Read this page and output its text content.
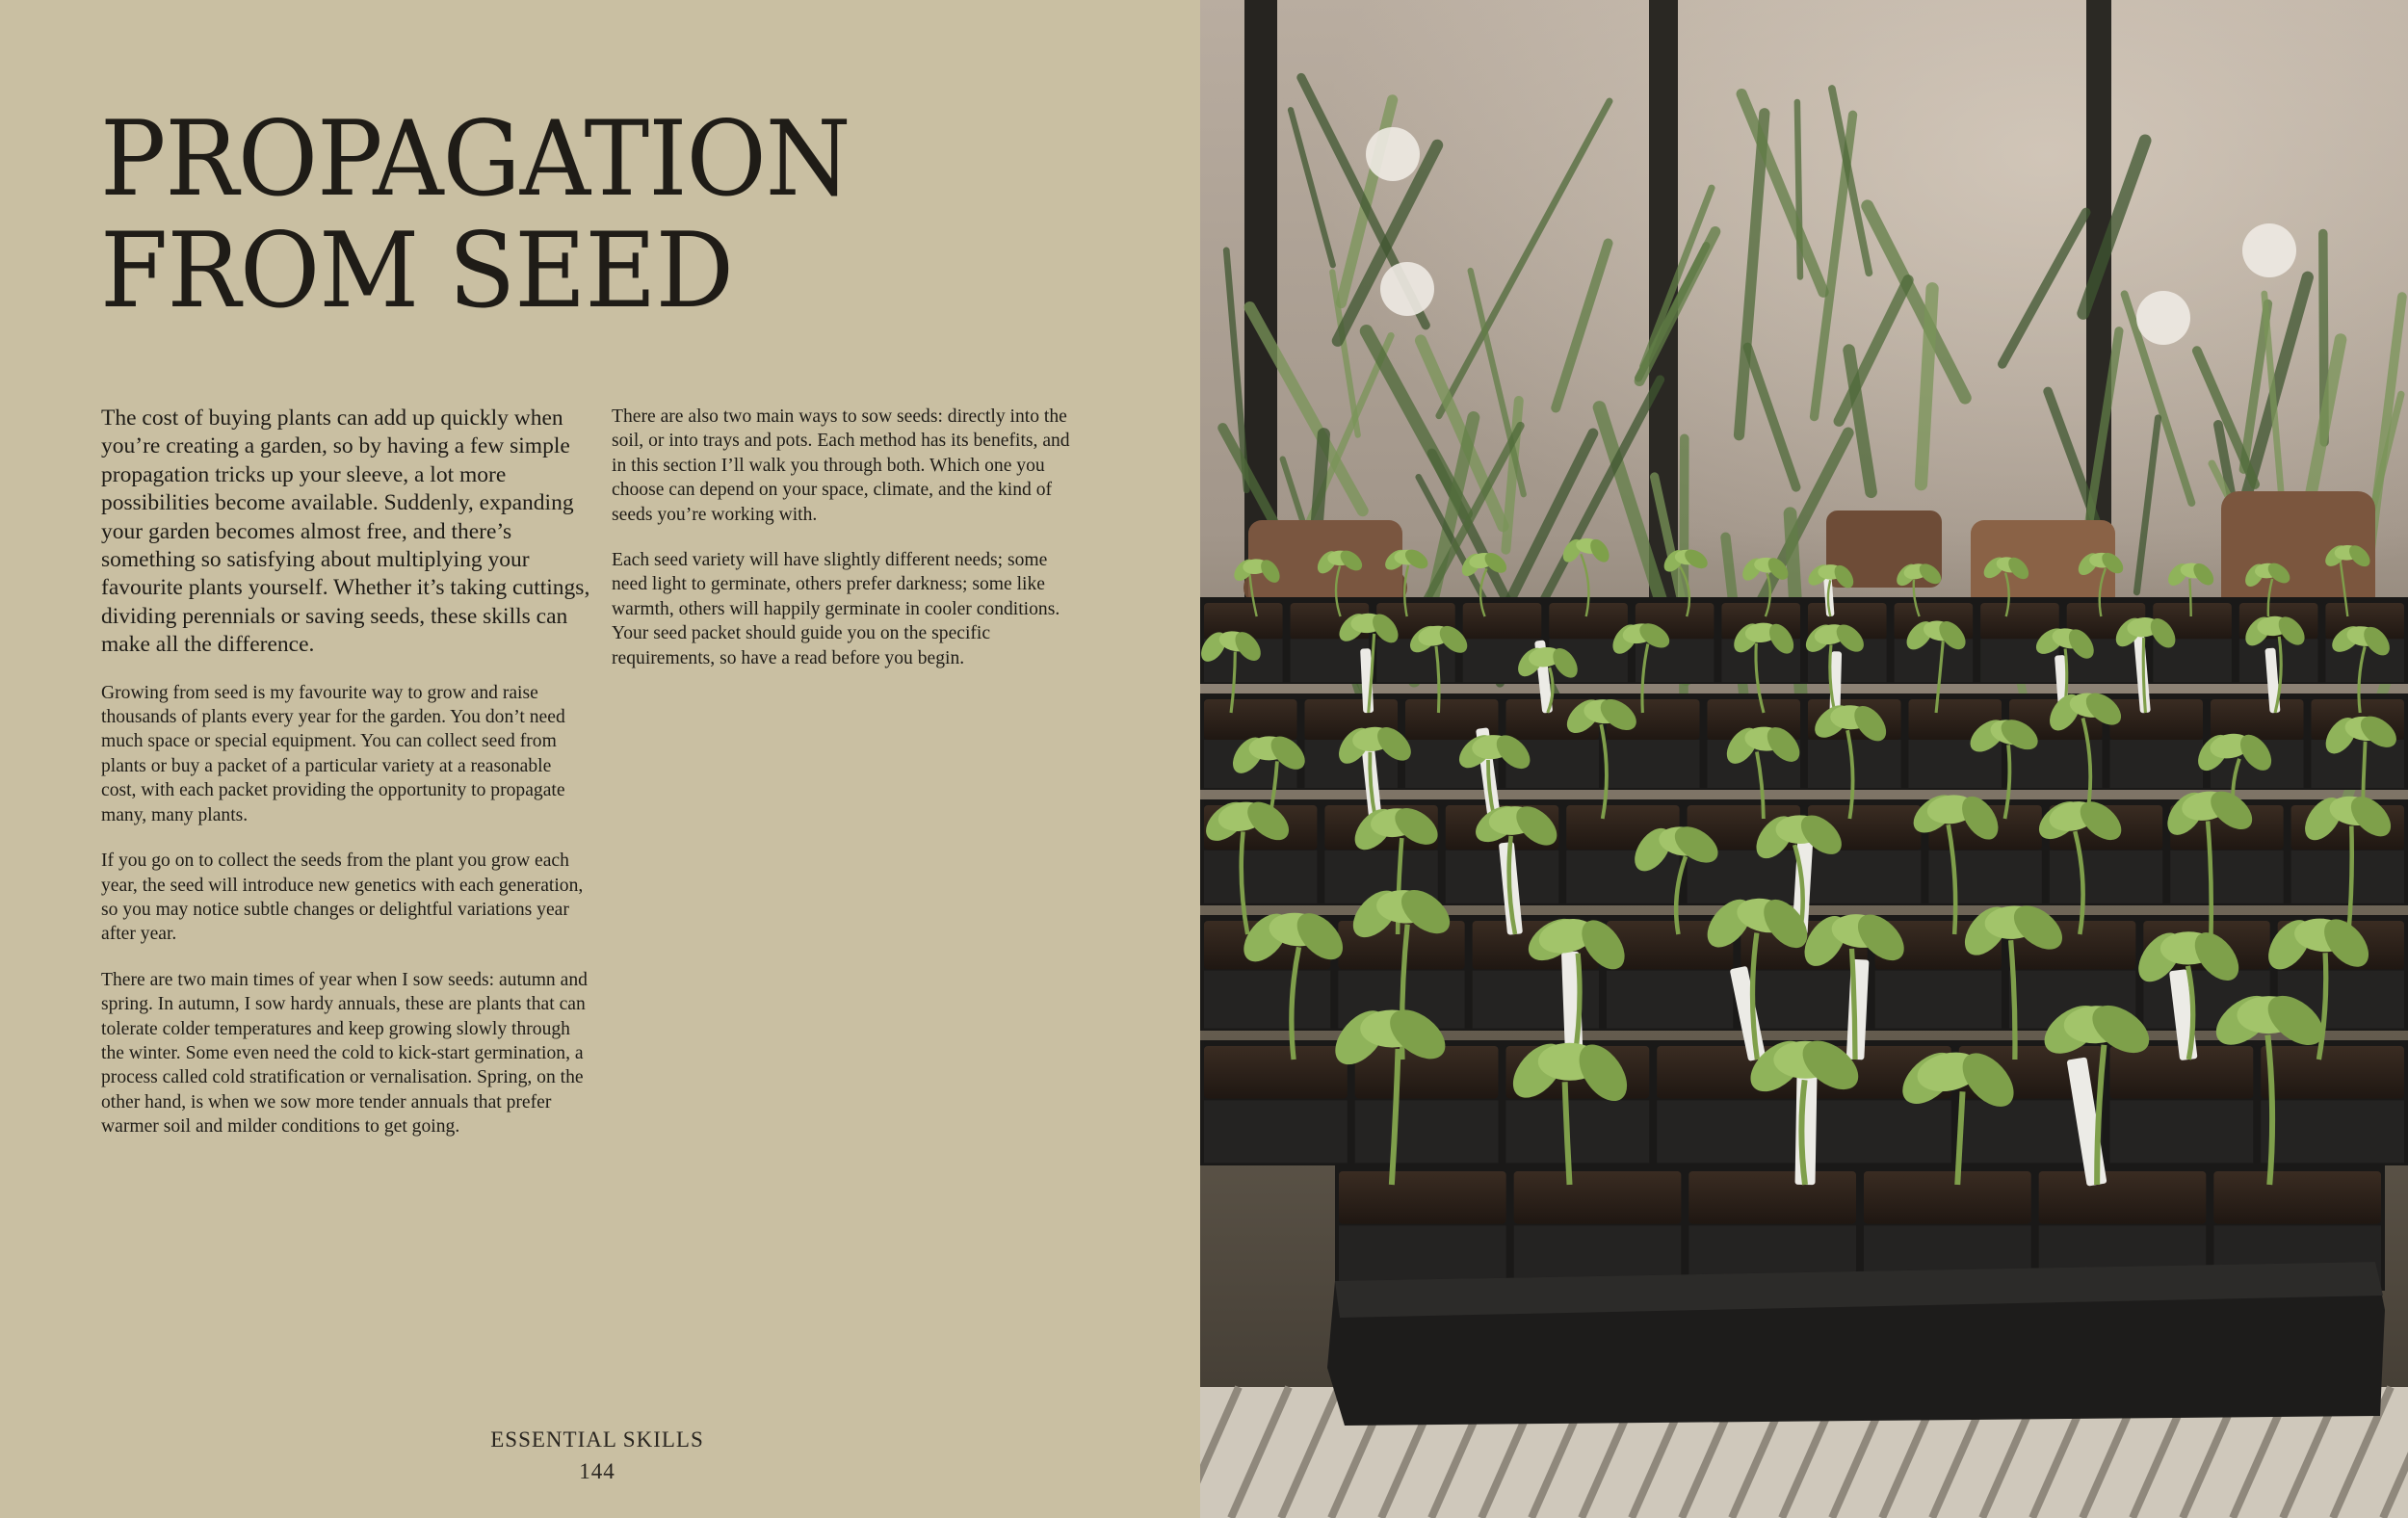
PROPAGATION
FROM SEED

The cost of buying plants can add up quickly when you’re creating a garden, so by having a few simple propagation tricks up your sleeve, a lot more possibilities become available. Suddenly, expanding your garden becomes almost free, and there’s something so satisfying about multiplying your favourite plants yourself. Whether it’s taking cuttings, dividing perennials or saving seeds, these skills can make all the difference.

Growing from seed is my favourite way to grow and raise thousands of plants every year for the garden. You don’t need much space or special equipment. You can collect seed from plants or buy a packet of a particular variety at a reasonable cost, with each packet providing the opportunity to propagate many, many plants.

If you go on to collect the seeds from the plant you grow each year, the seed will introduce new genetics with each generation, so you may notice subtle changes or delightful variations year after year.

There are two main times of year when I sow seeds: autumn and spring. In autumn, I sow hardy annuals, these are plants that can tolerate colder temperatures and keep growing slowly through the winter. Some even need the cold to kick-start germination, a process called cold stratification or vernalisation. Spring, on the other hand, is when we sow more tender annuals that prefer warmer soil and milder conditions to get going.

There are also two main ways to sow seeds: directly into the soil, or into trays and pots. Each method has its benefits, and in this section I’ll walk you through both. Which one you choose can depend on your space, climate, and the kind of seeds you’re working with.

Each seed variety will have slightly different needs; some need light to germinate, others prefer darkness; some like warmth, others will happily germinate in cooler conditions. Your seed packet should guide you on the specific requirements, so have a read before you begin.

ESSENTIAL SKILLS
144
